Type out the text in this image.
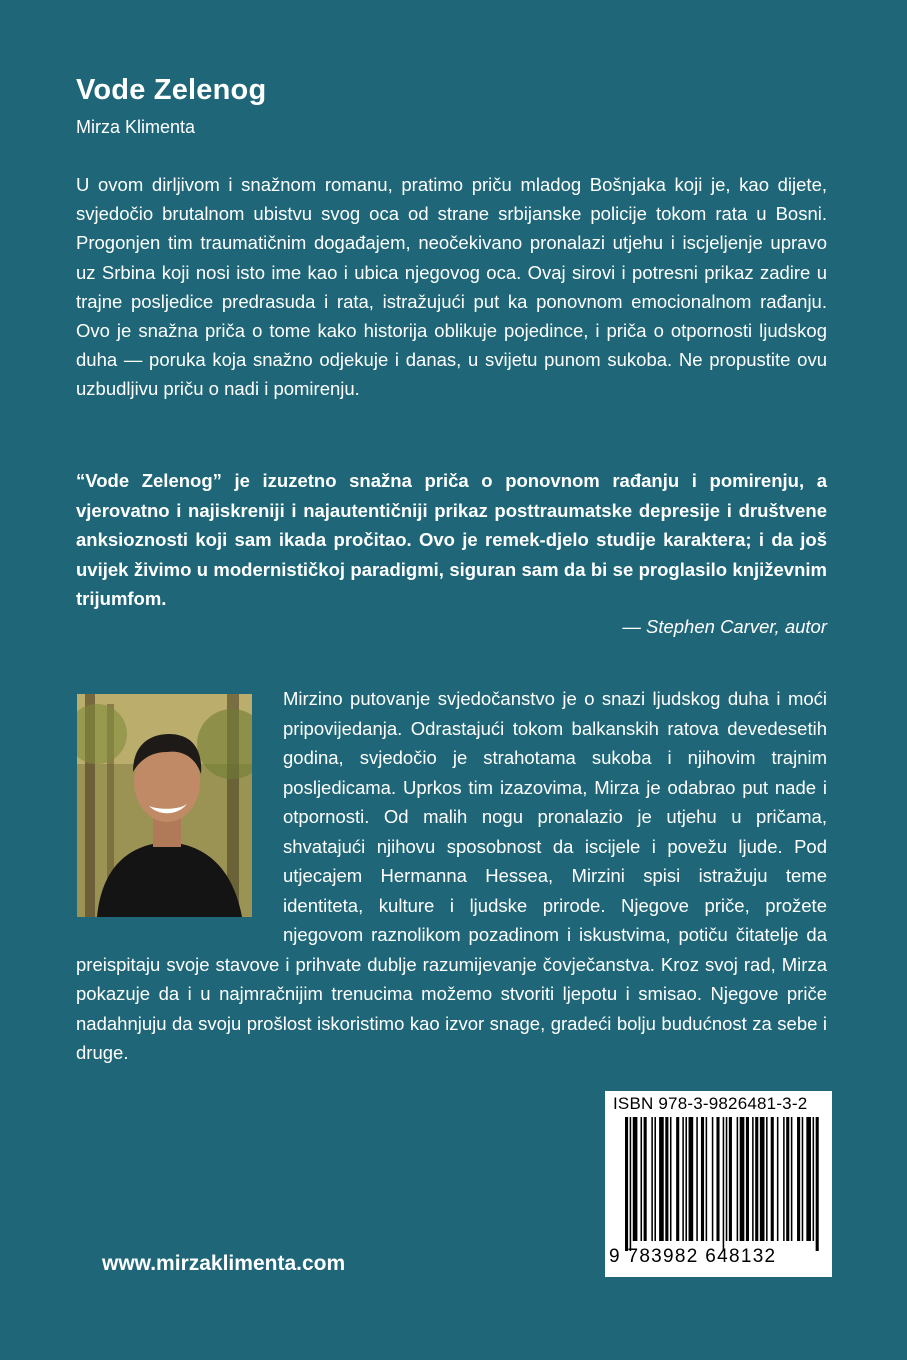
Vode Zelenog
Mirza Klimenta

U ovom dirljivom i snažnom romanu, pratimo priču mladog Bošnjaka koji je, kao dijete, svjedočio brutalnom ubistvu svog oca od strane srbijanske policije tokom rata u Bosni. Progonjen tim traumatičnim događajem, neočekivano pronalazi utjehu i iscjeljenje upravo uz Srbina koji nosi isto ime kao i ubica njegovog oca. Ovaj sirovi i potresni prikaz zadire u trajne posljedice predrasuda i rata, istražujući put ka ponovnom emocionalnom rađanju. Ovo je snažna priča o tome kako historija oblikuje pojedince, i priča o otpornosti ljudskog duha — poruka koja snažno odjekuje i danas, u svijetu punom sukoba. Ne propustite ovu uzbudljivu priču o nadi i pomirenju.

“Vode Zelenog” je izuzetno snažna priča o ponovnom rađanju i pomirenju, a vjerovatno i najiskreniji i najautentičniji prikaz posttraumatske depresije i društvene anksioznosti koji sam ikada pročitao. Ovo je remek-djelo studije karaktera; i da još uvijek živimo u modernističkoj paradigmi, siguran sam da bi se proglasilo književnim trijumfom.

— Stephen Carver, autor
Mirzino putovanje svjedočanstvo je o snazi ljudskog duha i moći pripovijedanja. Odrastajući tokom balkanskih ratova devedesetih godina, svjedočio je strahotama sukoba i njihovim trajnim posljedicama. Uprkos tim izazovima, Mirza je odabrao put nade i otpornosti. Od malih nogu pronalazio je utjehu u pričama, shvatajući njihovu sposobnost da iscijele i povežu ljude. Pod utjecajem Hermanna Hessea, Mirzini spisi istražuju teme identiteta, kulture i ljudske prirode. Njegove priče, prožete njegovom raznolikom pozadinom i iskustvima, potiču čitatelje da preispitaju svoje stavove i prihvate dublje razumijevanje čovječanstva. Kroz svoj rad, Mirza pokazuje da i u najmračnijim trenucima možemo stvoriti ljepotu i smisao. Njegove priče nadahnjuju da svoju prošlost iskoristimo kao izvor snage, gradeći bolju budućnost za sebe i druge.
ISBN 978-3-9826481-3-2
9 783982 648132
www.mirzaklimenta.com
